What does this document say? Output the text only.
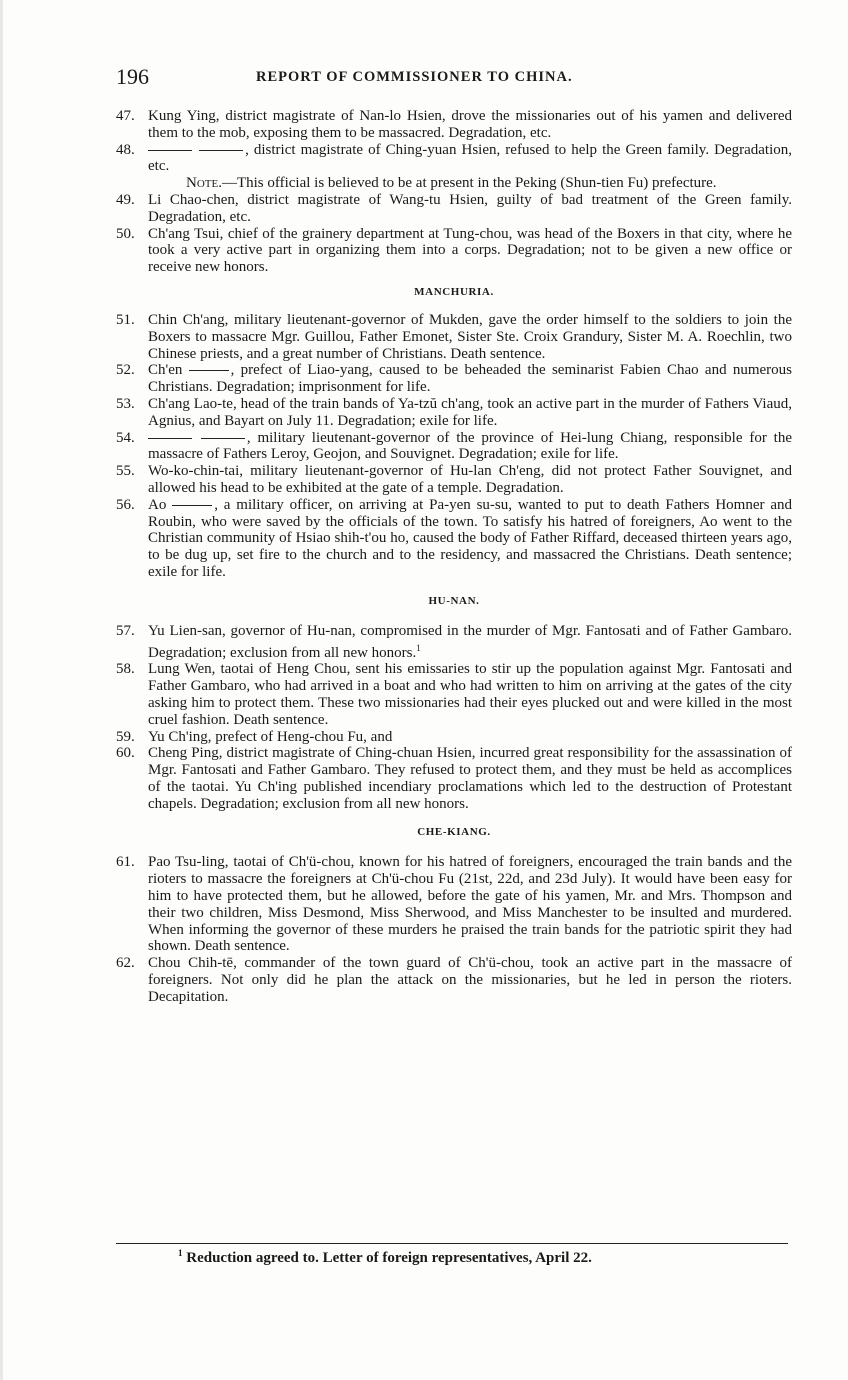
196	REPORT OF COMMISSIONER TO CHINA.
47. Kung Ying, district magistrate of Nan-lo Hsien, drove the missionaries out of his yamen and delivered them to the mob, exposing them to be massacred. Degradation, etc.
48.	, district magistrate of Ching-yuan Hsien, refused to help the Green family. Degradation, etc.

Note.—This official is believed to be at present in the Peking (Shun-tien Fu) prefecture.

49. Li Chao-chen, district magistrate of Wang-tu Hsien, guilty of bad treatment of the Green family. Degradation, etc.
50. Ch'ang Tsui, chief of the grainery department at Tung-chou, was head of the Boxers in that city, where he took a very active part in organizing them into a corps. Degradation; not to be given a new office or receive new honors.

MANCHURIA.

51. Chin Ch'ang, military lieutenant-governor of Mukden, gave the order himself to the soldiers to join the Boxers to massacre Mgr. Guillou, Father Emonet, Sister Ste. Croix Grandury, Sister M. A. Roechlin, two Chinese priests, and a great number of Christians. Death sentence.
52. Ch'en	, prefect of Liao-yang, caused to be beheaded the seminarist Fabien Chao and numerous Christians. Degradation; imprisonment for life.
53. Ch'ang Lao-te, head of the train bands of Ya-tzŭ ch'ang, took an active part in the murder of Fathers Viaud, Agnius, and Bayart on July 11. Degradation; exile for life.
54.	, military lieutenant-governor of the province of Hei-lung Chiang, responsible for the massacre of Fathers Leroy, Geojon, and Souvignet. Degradation; exile for life.
55. Wo-ko-chin-tai, military lieutenant-governor of Hu-lan Ch'eng, did not protect Father Souvignet, and allowed his head to be exhibited at the gate of a temple. Degradation.
56. Ao	, a military officer, on arriving at Pa-yen su-su, wanted to put to death Fathers Homner and Roubin, who were saved by the officials of the town. To satisfy his hatred of foreigners, Ao went to the Christian community of Hsiao shih-t'ou ho, caused the body of Father Riffard, deceased thirteen years ago, to be dug up, set fire to the church and to the residency, and massacred the Christians. Death sentence; exile for life.

HU-NAN.

57. Yu Lien-san, governor of Hu-nan, compromised in the murder of Mgr. Fantosati and of Father Gambaro. Degradation; exclusion from all new honors.$^1$
58. Lung Wen, taotai of Heng Chou, sent his emissaries to stir up the population against Mgr. Fantosati and Father Gambaro, who had arrived in a boat and who had written to him on arriving at the gates of the city asking him to protect them. These two missionaries had their eyes plucked out and were killed in the most cruel fashion. Death sentence.
59. Yu Ch'ing, prefect of Heng-chou Fu, and
60. Cheng Ping, district magistrate of Ching-chuan Hsien, incurred great responsibility for the assassination of Mgr. Fantosati and Father Gambaro. They refused to protect them, and they must be held as accomplices of the taotai. Yu Ch'ing published incendiary proclamations which led to the destruction of Protestant chapels. Degradation; exclusion from all new honors.

CHE-KIANG.

61. Pao Tsu-ling, taotai of Ch'ü-chou, known for his hatred of foreigners, encouraged the train bands and the rioters to massacre the foreigners at Ch'ü-chou Fu (21st, 22d, and 23d July). It would have been easy for him to have protected them, but he allowed, before the gate of his yamen, Mr. and Mrs. Thompson and their two children, Miss Desmond, Miss Sherwood, and Miss Manchester to be insulted and murdered. When informing the governor of these murders he praised the train bands for the patriotic spirit they had shown. Death sentence.
62. Chou Chih-tē, commander of the town guard of Ch'ü-chou, took an active part in the massacre of foreigners. Not only did he plan the attack on the missionaries, but he led in person the rioters. Decapitation.
$^1$ Reduction agreed to. Letter of foreign representatives, April 22.
